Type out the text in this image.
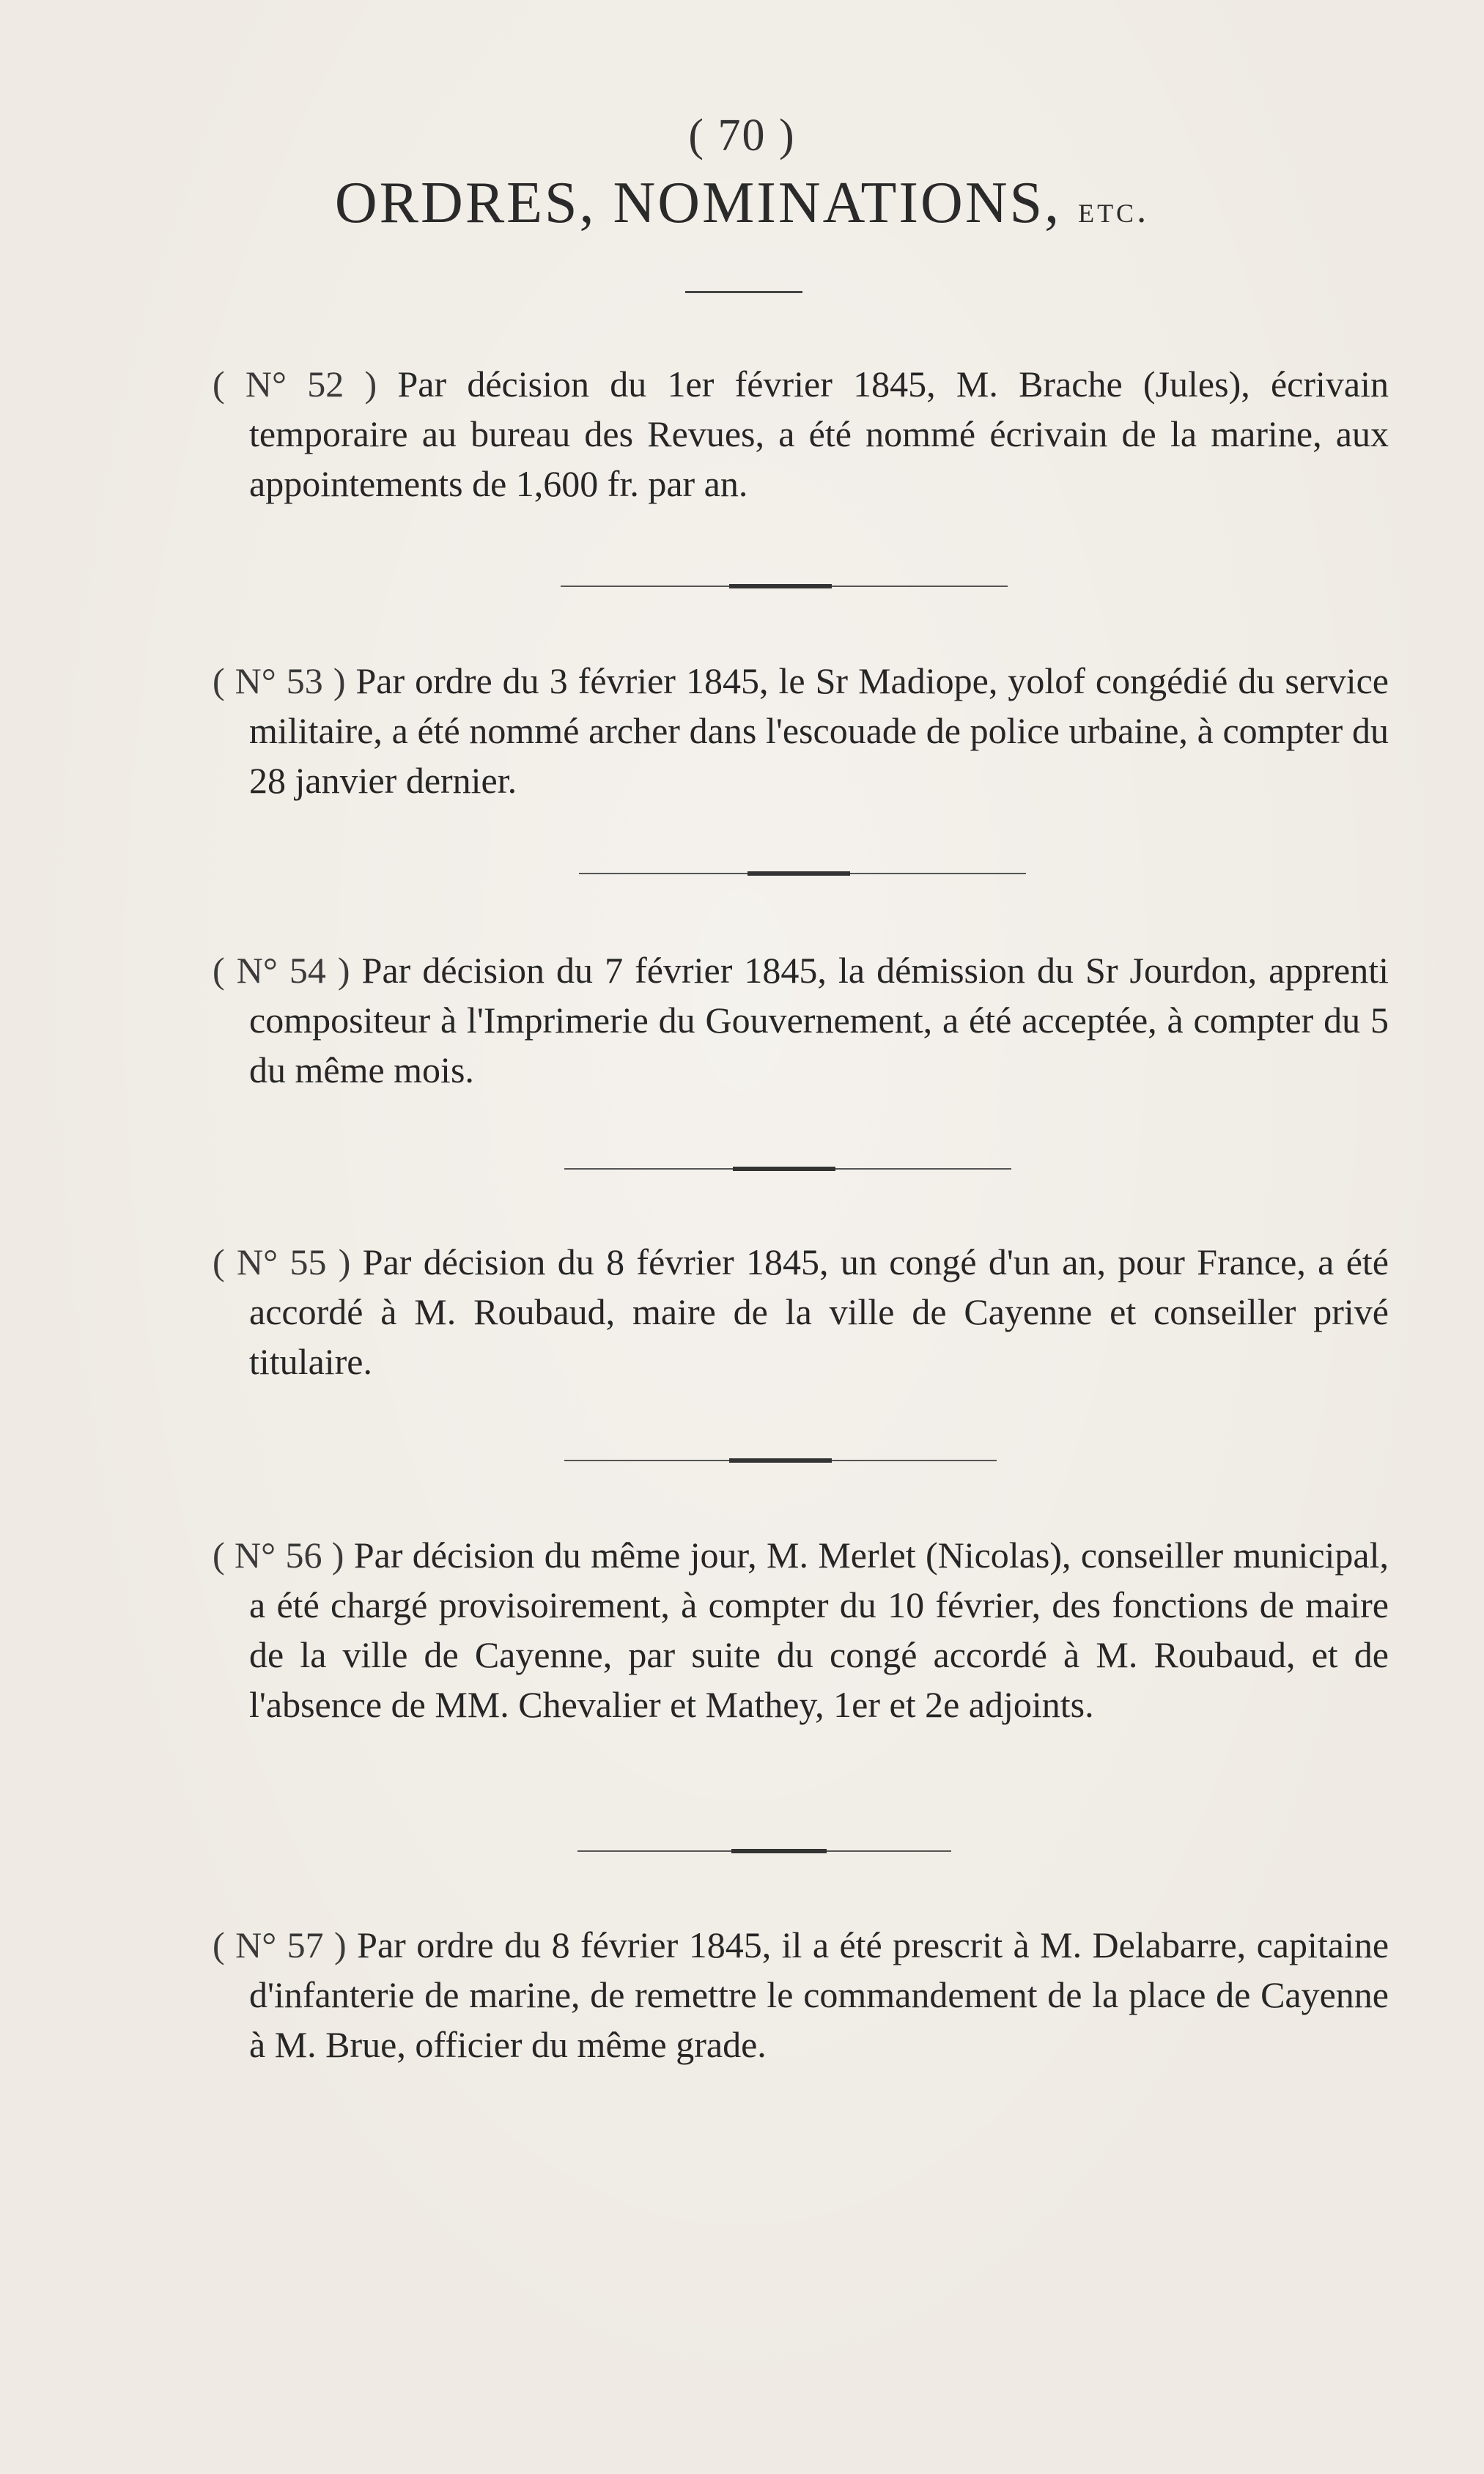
( 70 )
ORDRES, NOMINATIONS, etc.

( N° 52 ) Par décision du 1er février 1845, M. Brache (Jules), écrivain temporaire au bureau des Revues, a été nommé écrivain de la marine, aux appointements de 1,600 fr. par an.

( N° 53 ) Par ordre du 3 février 1845, le Sr Madiope, yolof congédié du service militaire, a été nommé archer dans l'escouade de police urbaine, à compter du 28 janvier dernier.

( N° 54 ) Par décision du 7 février 1845, la démission du Sr Jourdon, apprenti compositeur à l'Imprimerie du Gouvernement, a été acceptée, à compter du 5 du même mois.

( N° 55 ) Par décision du 8 février 1845, un congé d'un an, pour France, a été accordé à M. Roubaud, maire de la ville de Cayenne et conseiller privé titulaire.

( N° 56 ) Par décision du même jour, M. Merlet (Nicolas), conseiller municipal, a été chargé provisoirement, à compter du 10 février, des fonctions de maire de la ville de Cayenne, par suite du congé accordé à M. Roubaud, et de l'absence de MM. Chevalier et Mathey, 1er et 2e adjoints.

( N° 57 ) Par ordre du 8 février 1845, il a été prescrit à M. Delabarre, capitaine d'infanterie de marine, de remettre le commandement de la place de Cayenne à M. Brue, officier du même grade.
